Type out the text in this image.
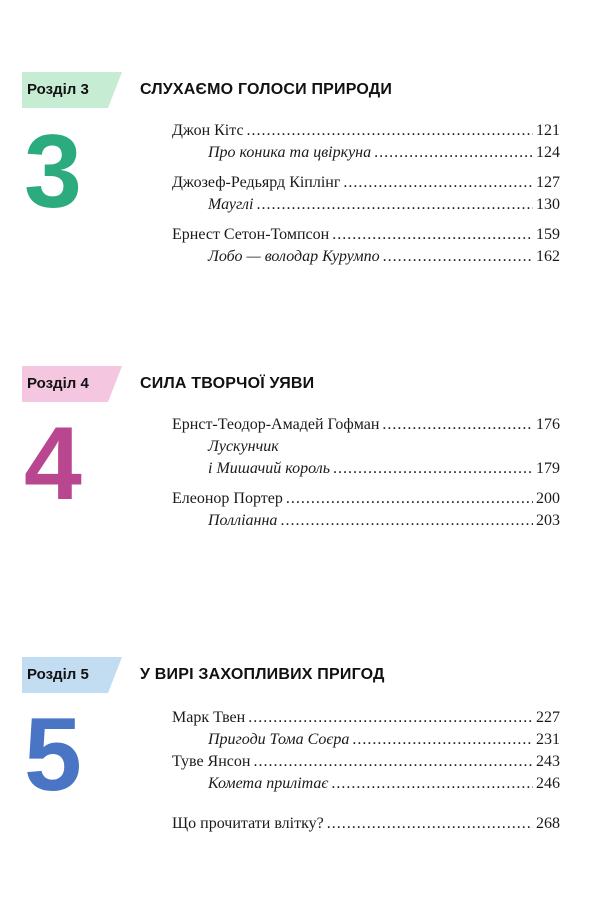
Розділ 3	СЛУХАЄМО ГОЛОСИ ПРИРОДИ
3	Джон Кітс .....	121
Про коника та цвіркуна .....	124
Джозеф-Редьярд Кіплінг .....	127
Мауглі .....	130
Ернест Сетон-Томпсон .....	159
Лобо — володар Курумпо .....	162
Розділ 4	СИЛА ТВОРЧОЇ УЯВИ
4	Ернст-Теодор-Амадей Гофман .....	176
Лускунчик
і Мишачий король .....	179
Елеонор Портер .....	200
Полліанна .....	203
Розділ 5	У ВИРІ ЗАХОПЛИВИХ ПРИГОД
5	Марк Твен .....	227
Пригоди Тома Соєра .....	231
Туве Янсон .....	243
Комета прилітає .....	246
Що прочитати влітку? .....	268
